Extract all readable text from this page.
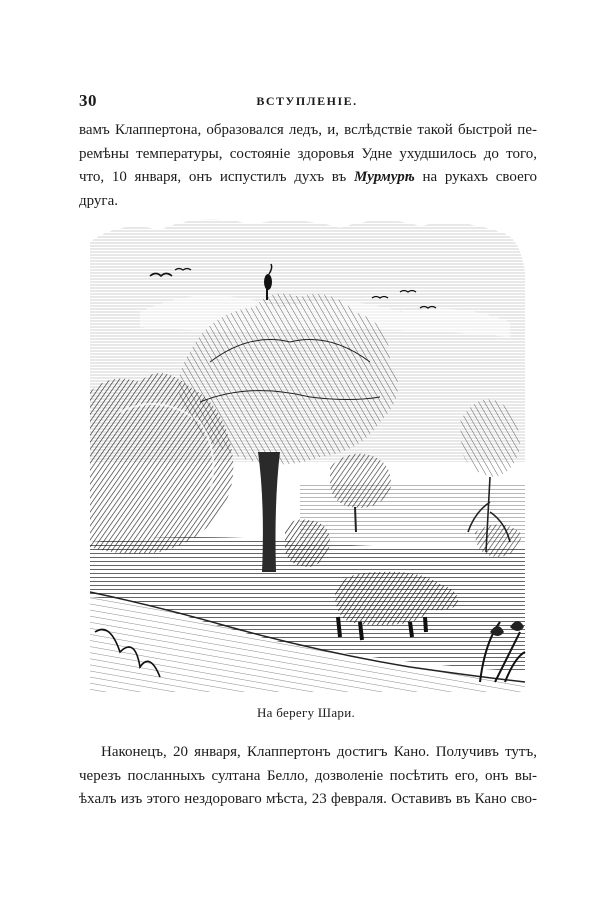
30	ВСТУПЛЕНІЕ.
вамъ Клаппертона, образовался ледъ, и, вслѣдствіе такой быстрой пе-
ремѣны температуры, состояніе здоровья Удне ухудшилось до того,
что, 10 января, онъ испустилъ духъ въ Мурмурѣ на рукахъ своего
друга.
На берегу Шари.
Наконецъ, 20 января, Клаппертонъ достигъ Кано. Получивъ тутъ,
черезъ посланныхъ султана Белло, дозволеніе посѣтить его, онъ вы-
ѣхалъ изъ этого нездороваго мѣста, 23 февраля. Оставивъ въ Кано сво-
